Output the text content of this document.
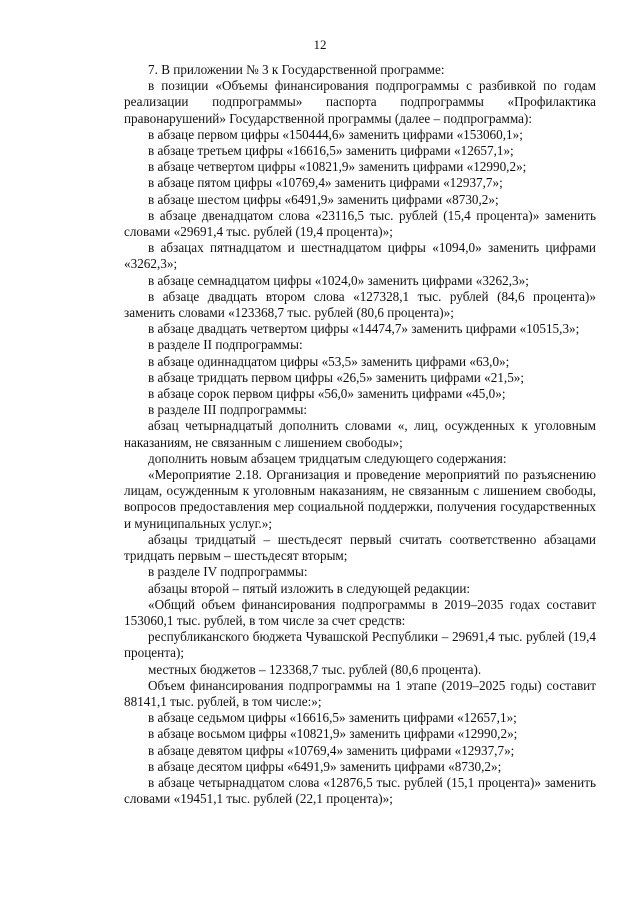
12

7. В приложении № 3 к Государственной программе:

в позиции «Объемы финансирования подпрограммы с разбивкой по годам реализации подпрограммы» паспорта подпрограммы «Профилактика правонарушений» Государственной программы (далее – подпрограмма):

в абзаце первом цифры «150444,6» заменить цифрами «153060,1»;

в абзаце третьем цифры «16616,5» заменить цифрами «12657,1»;

в абзаце четвертом цифры «10821,9» заменить цифрами «12990,2»;

в абзаце пятом цифры «10769,4» заменить цифрами «12937,7»;

в абзаце шестом цифры «6491,9» заменить цифрами «8730,2»;

в абзаце двенадцатом слова «23116,5 тыс. рублей (15,4 процента)» заменить словами «29691,4 тыс. рублей (19,4 процента)»;

в абзацах пятнадцатом и шестнадцатом цифры «1094,0» заменить цифрами «3262,3»;

в абзаце семнадцатом цифры «1024,0» заменить цифрами «3262,3»;

в абзаце двадцать втором слова «127328,1 тыс. рублей (84,6 процента)» заменить словами «123368,7 тыс. рублей (80,6 процента)»;

в абзаце двадцать четвертом цифры «14474,7» заменить цифрами «10515,3»;

в разделе II подпрограммы:

в абзаце одиннадцатом цифры «53,5» заменить цифрами «63,0»;

в абзаце тридцать первом цифры «26,5» заменить цифрами «21,5»;

в абзаце сорок первом цифры «56,0» заменить цифрами «45,0»;

в разделе III подпрограммы:

абзац четырнадцатый дополнить словами «, лиц, осужденных к уголовным наказаниям, не связанным с лишением свободы»;

дополнить новым абзацем тридцатым следующего содержания:

«Мероприятие 2.18. Организация и проведение мероприятий по разъяснению лицам, осужденным к уголовным наказаниям, не связанным с лишением свободы, вопросов предоставления мер социальной поддержки, получения государственных и муниципальных услуг.»;

абзацы тридцатый – шестьдесят первый считать соответственно абзацами тридцать первым – шестьдесят вторым;

в разделе IV подпрограммы:

абзацы второй – пятый изложить в следующей редакции:

«Общий объем финансирования подпрограммы в 2019–2035 годах составит 153060,1 тыс. рублей, в том числе за счет средств:

республиканского бюджета Чувашской Республики – 29691,4 тыс. рублей (19,4 процента);

местных бюджетов – 123368,7 тыс. рублей (80,6 процента).

Объем финансирования подпрограммы на 1 этапе (2019–2025 годы) составит 88141,1 тыс. рублей, в том числе:»;

в абзаце седьмом цифры «16616,5» заменить цифрами «12657,1»;

в абзаце восьмом цифры «10821,9» заменить цифрами «12990,2»;

в абзаце девятом цифры «10769,4» заменить цифрами «12937,7»;

в абзаце десятом цифры «6491,9» заменить цифрами «8730,2»;

в абзаце четырнадцатом слова «12876,5 тыс. рублей (15,1 процента)» заменить словами «19451,1 тыс. рублей (22,1 процента)»;
